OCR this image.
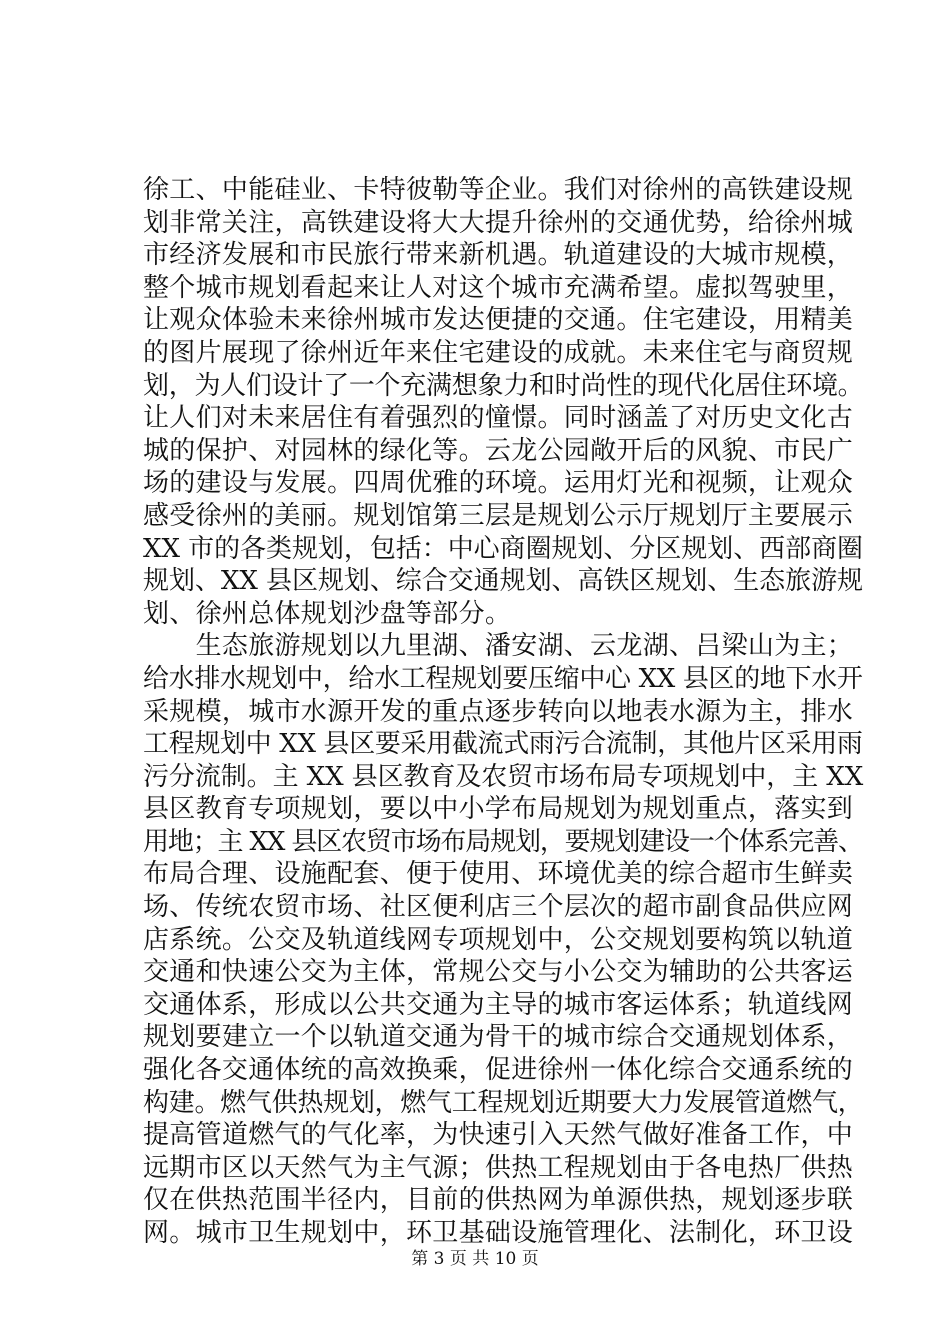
徐工、中能硅业、卡特彼勒等企业。我们对徐州的高铁建设规
划非常关注，高铁建设将大大提升徐州的交通优势，给徐州城
市经济发展和市民旅行带来新机遇。轨道建设的大城市规模，
整个城市规划看起来让人对这个城市充满希望。虚拟驾驶里，
让观众体验未来徐州城市发达便捷的交通。住宅建设，用精美
的图片展现了徐州近年来住宅建设的成就。未来住宅与商贸规
划，为人们设计了一个充满想象力和时尚性的现代化居住环境。
让人们对未来居住有着强烈的憧憬。同时涵盖了对历史文化古
城的保护、对园林的绿化等。云龙公园敞开后的风貌、市民广
场的建设与发展。四周优雅的环境。运用灯光和视频，让观众
感受徐州的美丽。规划馆第三层是规划公示厅规划厅主要展示
XX 市的各类规划，包括：中心商圈规划、分区规划、西部商圈
规划、XX 县区规划、综合交通规划、高铁区规划、生态旅游规
划、徐州总体规划沙盘等部分。
　　生态旅游规划以九里湖、潘安湖、云龙湖、吕梁山为主；
给水排水规划中，给水工程规划要压缩中心 XX 县区的地下水开
采规模，城市水源开发的重点逐步转向以地表水源为主，排水
工程规划中 XX 县区要采用截流式雨污合流制，其他片区采用雨
污分流制。主 XX 县区教育及农贸市场布局专项规划中，主 XX
县区教育专项规划，要以中小学布局规划为规划重点，落实到
用地；主 XX 县区农贸市场布局规划，要规划建设一个体系完善、
布局合理、设施配套、便于使用、环境优美的综合超市生鲜卖
场、传统农贸市场、社区便利店三个层次的超市副食品供应网
店系统。公交及轨道线网专项规划中，公交规划要构筑以轨道
交通和快速公交为主体，常规公交与小公交为辅助的公共客运
交通体系，形成以公共交通为主导的城市客运体系；轨道线网
规划要建立一个以轨道交通为骨干的城市综合交通规划体系，
强化各交通体统的高效换乘，促进徐州一体化综合交通系统的
构建。燃气供热规划，燃气工程规划近期要大力发展管道燃气，
提高管道燃气的气化率，为快速引入天然气做好准备工作，中
远期市区以天然气为主气源；供热工程规划由于各电热厂供热
仅在供热范围半径内，目前的供热网为单源供热，规划逐步联
网。城市卫生规划中，环卫基础设施管理化、法制化，环卫设
第 3 页 共 10 页
